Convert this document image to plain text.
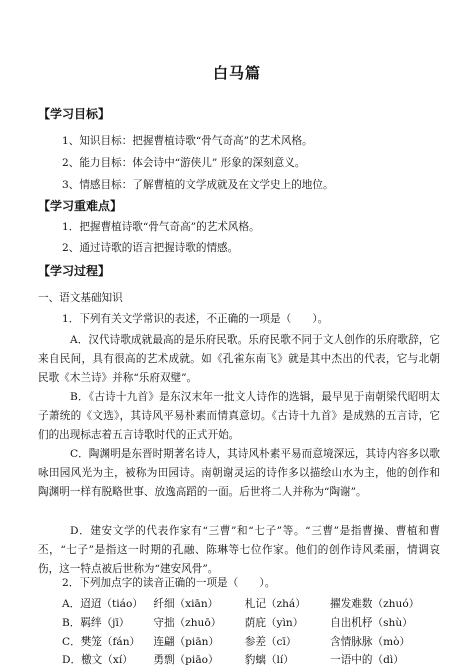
白马篇
【学习目标】
1、知识目标：把握曹植诗歌“骨气奇高”的艺术风格。
2、能力目标：体会诗中“游侠儿” 形象的深刻意义。
3、情感目标：了解曹植的文学成就及在文学史上的地位。
【学习重难点】
1．把握曹植诗歌“骨气奇高”的艺术风格。
2、通过诗歌的语言把握诗歌的情感。
【学习过程】
一、语文基础知识
1．下列有关文学常识的表述，不正确的一项是（　　）。
A．汉代诗歌成就最高的是乐府民歌。乐府民歌不同于文人创作的乐府歌辞，它来自民间，具有很高的艺术成就。如《孔雀东南飞》就是其中杰出的代表，它与北朝民歌《木兰诗》并称“乐府双璧”。
B．《古诗十九首》是东汉末年一批文人诗作的选辑，最早见于南朝梁代昭明太子萧统的《文选》，其诗风平易朴素而情真意切。《古诗十九首》是成熟的五言诗，它们的出现标志着五言诗歌时代的正式开始。
C．陶渊明是东晋时期著名诗人，其诗风朴素平易而意境深远，其诗内容多以歌咏田园风光为主，被称为田园诗。南朝谢灵运的诗作多以描绘山水为主，他的创作和陶渊明一样有脱略世事、放逸高蹈的一面。后世将二人并称为“陶谢”。
D．建安文学的代表作家有“三曹”和“七子”等。“三曹”是指曹操、曹植和曹丕，“七子”是指这一时期的孔融、陈琳等七位作家。他们的创作诗风柔丽，情调哀伤，这一特点被后世称为“建安风骨”。
2．下列加点字的读音正确的一项是（　　）。
A．迢迢（tiáo） 纤细（xiān） 札记（zhá） 擢发难数（zhuó）
B．羁绊（jī） 守拙（zhuō） 荫庇（yìn）	自出机杼（shù）
C．樊笼（fán） 连翩（piān） 参差（cī）	含情脉脉（mò）
D．檄文（xí） 勇剽（piāo） 豹螭（lí）	一语中的（dì）
